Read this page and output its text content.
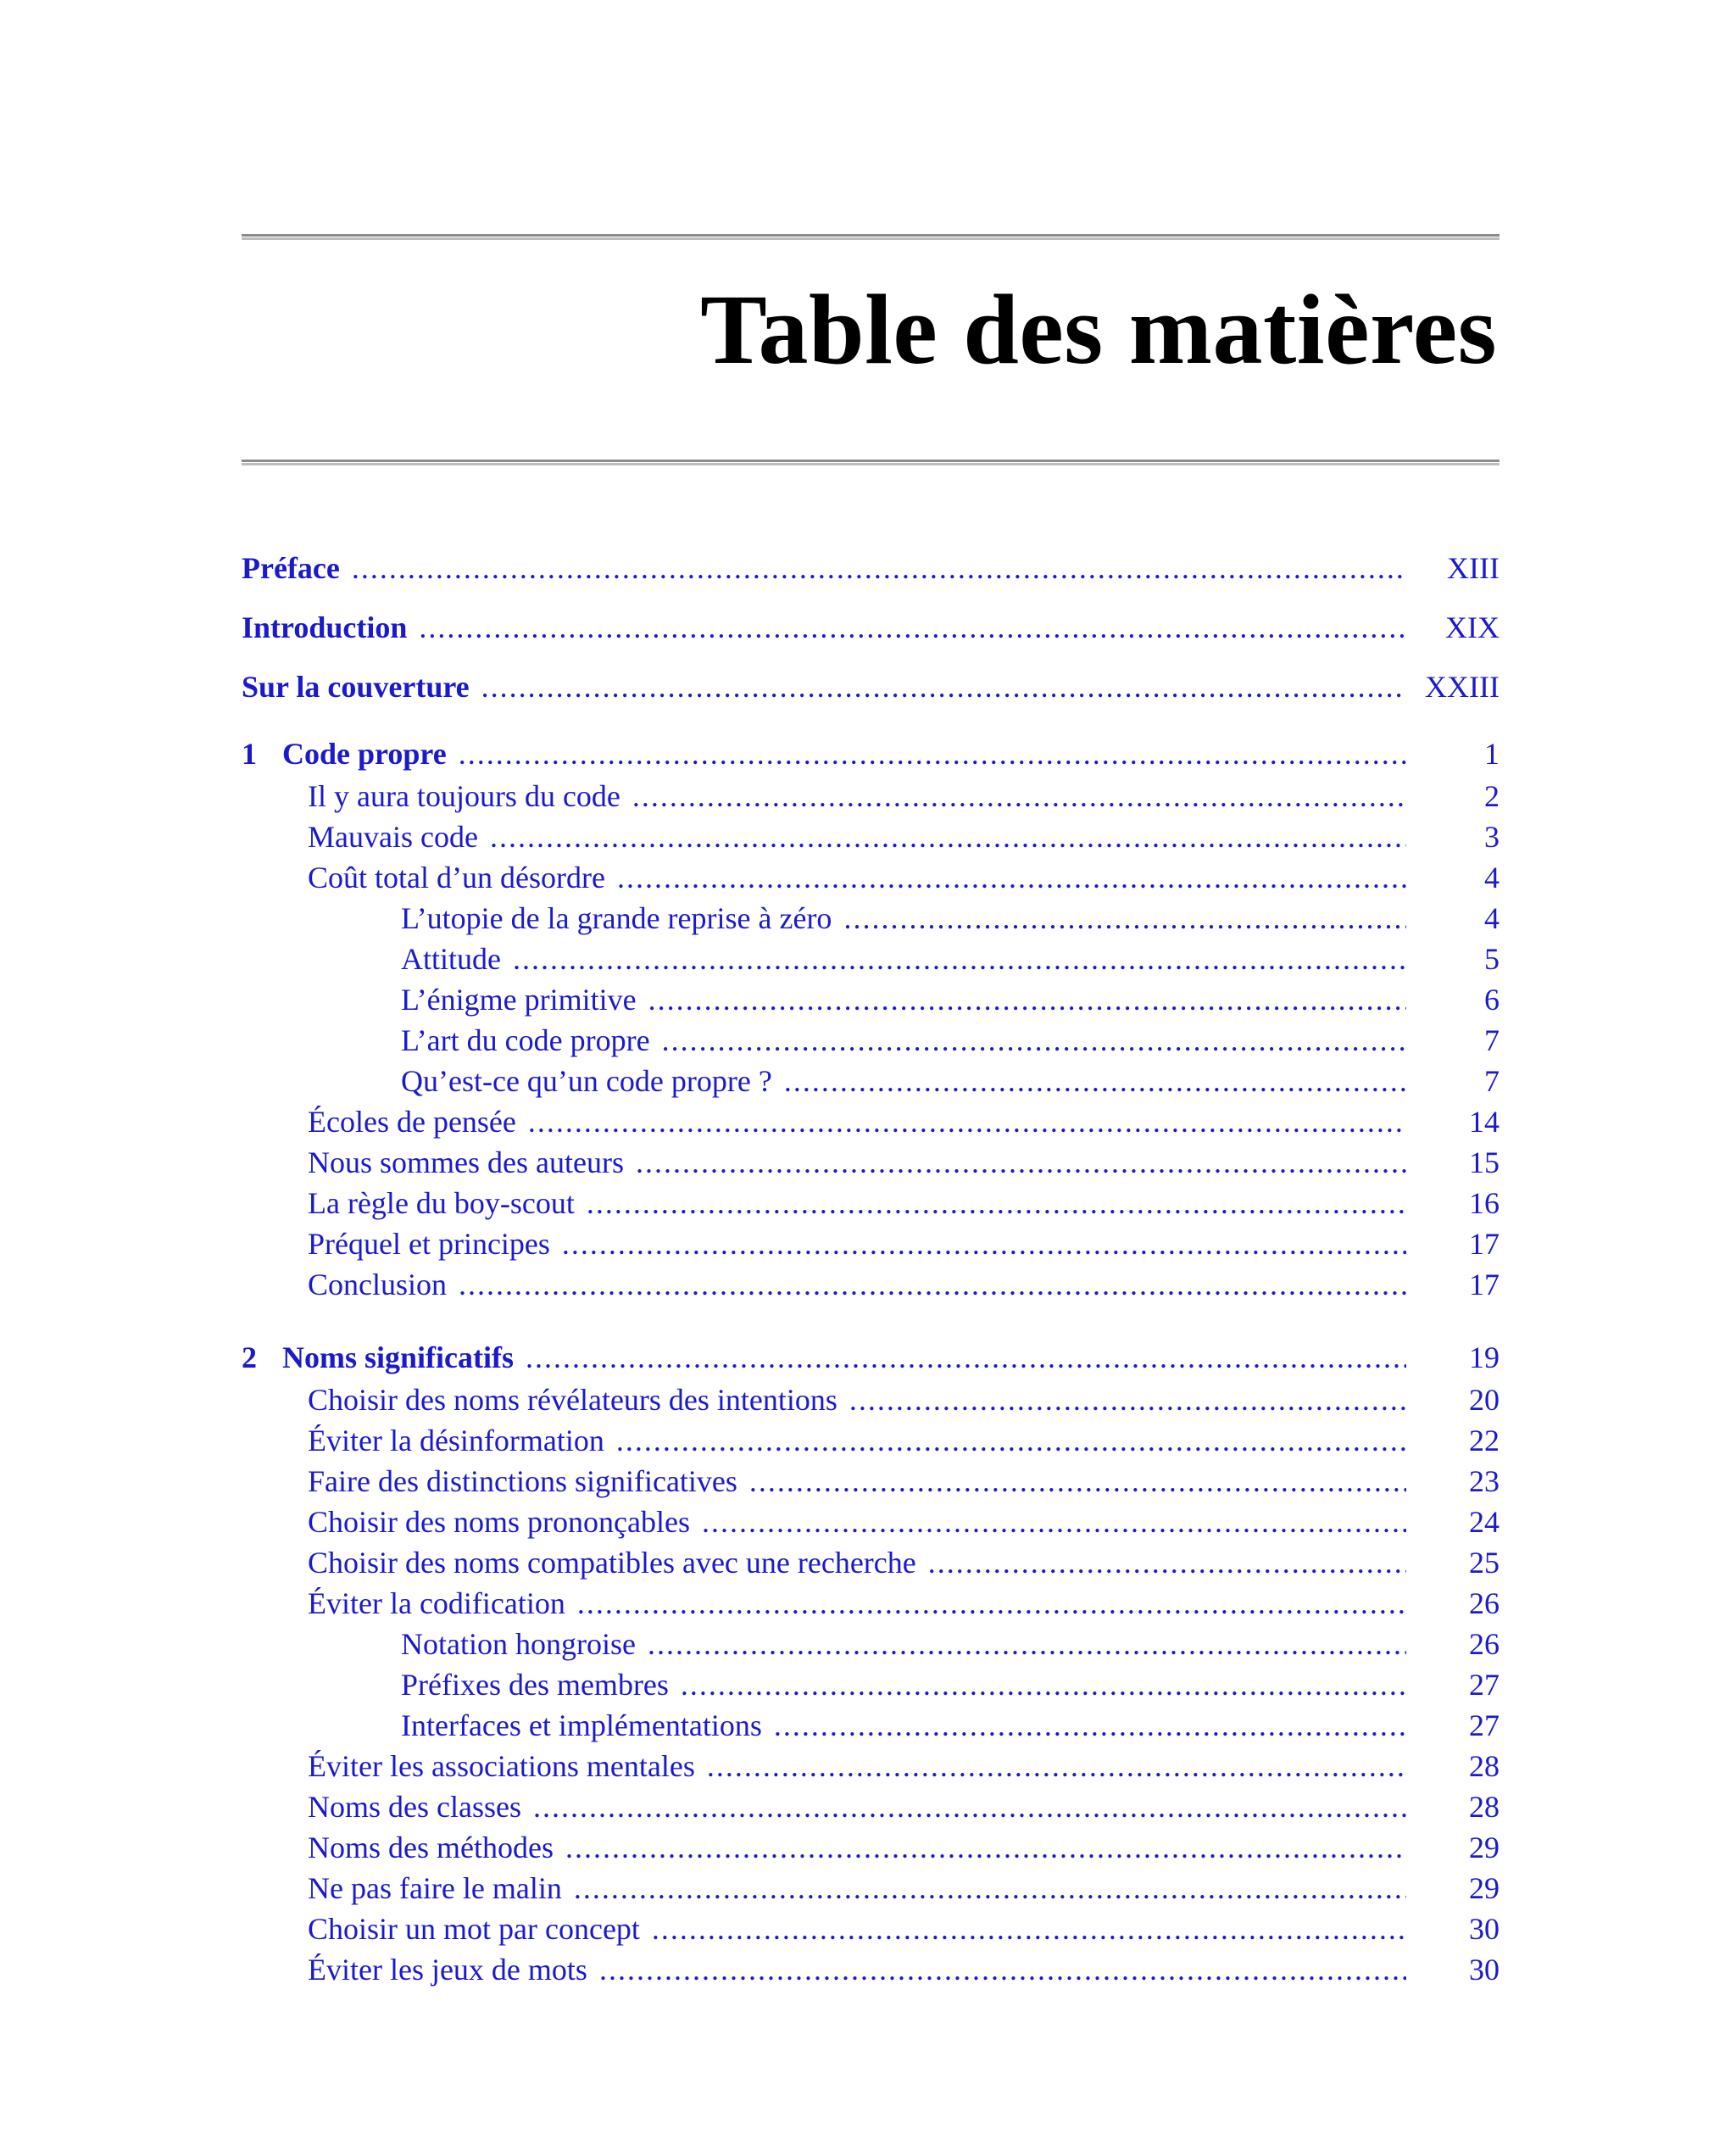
Table des matières
Préface .....	XIII
Introduction .....	XIX
Sur la couverture .....	XXIII
1 Code propre .....	1
Il y aura toujours du code .....	2
Mauvais code .....	3
Coût total d’un désordre .....	4
L’utopie de la grande reprise à zéro .....	4
Attitude .....	5
L’énigme primitive .....	6
L’art du code propre .....	7
Qu’est-ce qu’un code propre ? .....	7
Écoles de pensée .....	14
Nous sommes des auteurs .....	15
La règle du boy-scout .....	16
Préquel et principes .....	17
Conclusion .....	17
2 Noms significatifs .....	19
Choisir des noms révélateurs des intentions .....	20
Éviter la désinformation .....	22
Faire des distinctions significatives .....	23
Choisir des noms prononçables .....	24
Choisir des noms compatibles avec une recherche .....	25
Éviter la codification .....	26
Notation hongroise .....	26
Préfixes des membres .....	27
Interfaces et implémentations .....	27
Éviter les associations mentales .....	28
Noms des classes .....	28
Noms des méthodes .....	29
Ne pas faire le malin .....	29
Choisir un mot par concept .....	30
Éviter les jeux de mots .....	30
